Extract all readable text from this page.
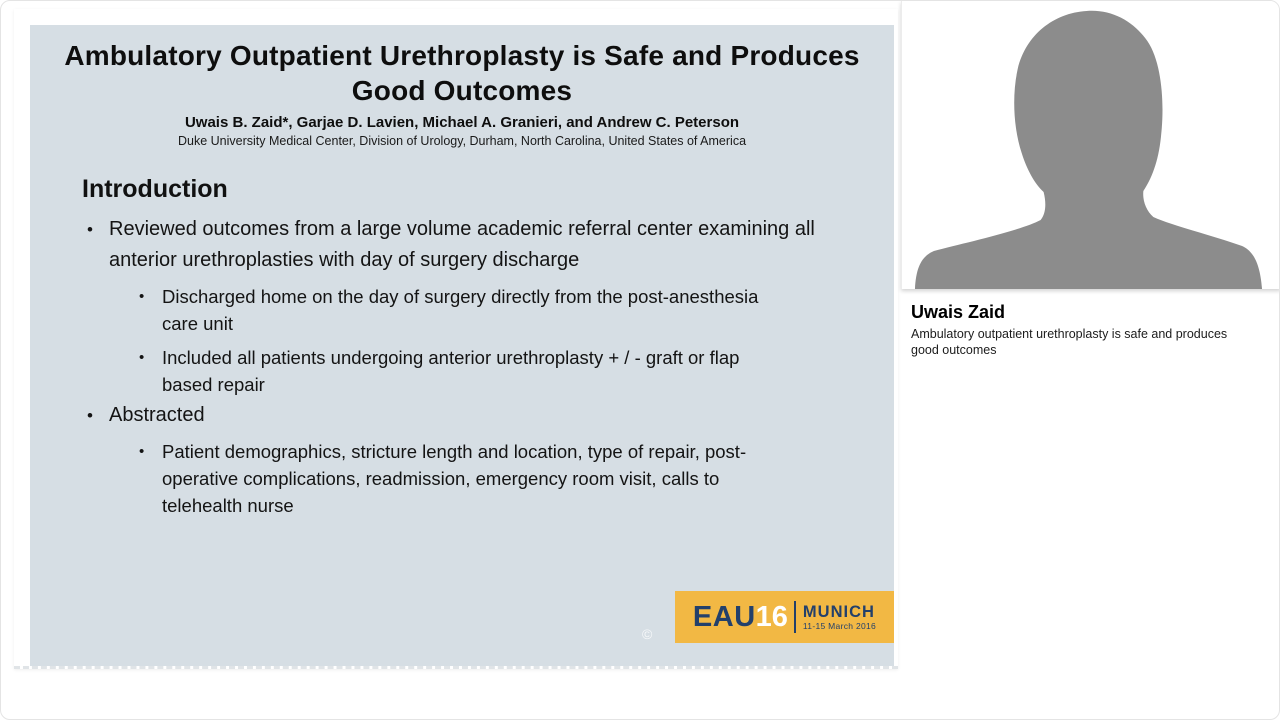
Ambulatory Outpatient Urethroplasty is Safe and Produces Good Outcomes
Uwais B. Zaid*, Garjae D. Lavien, Michael A. Granieri, and Andrew C. Peterson
Duke University Medical Center, Division of Urology, Durham, North Carolina, United States of America
Introduction
• Reviewed outcomes from a large volume academic referral center examining all anterior urethroplasties with day of surgery discharge
• Discharged home on the day of surgery directly from the post-anesthesia care unit
• Included all patients undergoing anterior urethroplasty + / - graft or flap based repair
• Abstracted
• Patient demographics, stricture length and location, type of repair, post-operative complications, readmission, emergency room visit, calls to telehealth nurse
©
EAU 16 MUNICH
11-15 March 2016
Uwais Zaid

Ambulatory outpatient urethroplasty is safe and produces good outcomes
